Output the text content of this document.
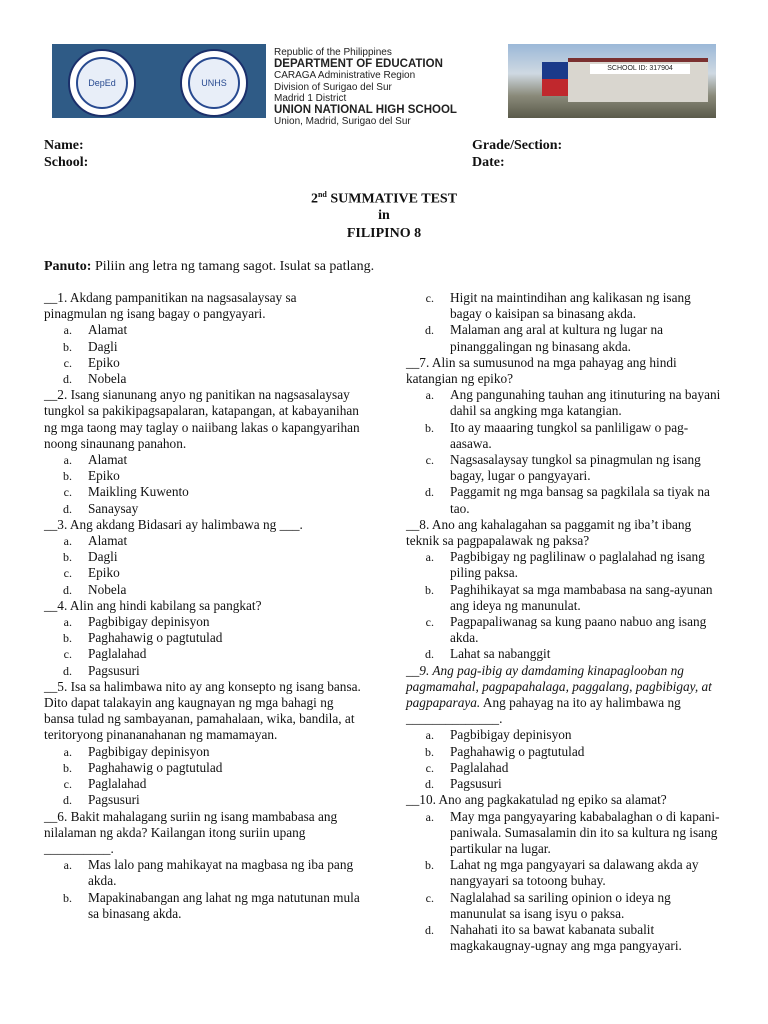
DepEd	UNHS
Republic of the Philippines
DEPARTMENT OF EDUCATION
CARAGA Administrative Region
Division of Surigao del Sur
Madrid 1 District
UNION NATIONAL HIGH SCHOOL
Union, Madrid, Surigao del Sur
SCHOOL ID: 317904
Name:
School:
Grade/Section:
Date:
2nd SUMMATIVE TEST
in
FILIPINO 8
Panuto: Piliin ang letra ng tamang sagot. Isulat sa patlang.

__1. Akdang pampanitikan na nagsasalaysay sa pinagmulan ng isang bagay o pangyayari.

a.	Alamat
b.	Dagli
c.	Epiko
d.	Nobela

__2. Isang sianunang anyo ng panitikan na nagsasalaysay tungkol sa pakikipagsapalaran, katapangan, at kabayanihan ng mga taong may taglay o naiibang lakas o kapangyarihan noong sinaunang panahon.

a.	Alamat
b.	Epiko
c.	Maikling Kuwento
d.	Sanaysay

__3. Ang akdang Bidasari ay halimbawa ng ___.

a.	Alamat
b.	Dagli
c.	Epiko
d.	Nobela

__4. Alin ang hindi kabilang sa pangkat?

a.	Pagbibigay depinisyon
b.	Paghahawig o pagtutulad
c.	Paglalahad
d.	Pagsusuri

__5. Isa sa halimbawa nito ay ang konsepto ng isang bansa. Dito dapat talakayin ang kaugnayan ng mga bahagi ng bansa tulad ng sambayanan, pamahalaan, wika, bandila, at teritoryong pinananahanan ng mamamayan.

a.	Pagbibigay depinisyon
b.	Paghahawig o pagtutulad
c.	Paglalahad
d.	Pagsusuri

__6. Bakit mahalagang suriin ng isang mambabasa ang nilalaman ng akda? Kailangan itong suriin upang __________.

a.	Mas lalo pang mahikayat na magbasa ng iba pang akda.
b.	Mapakinabangan ang lahat ng mga natutunan mula sa binasang akda.
c.	Higit na maintindihan ang kalikasan ng isang bagay o kaisipan sa binasang akda.
d.	Malaman ang aral at kultura ng lugar na pinanggalingan ng binasang akda.

__7. Alin sa sumusunod na mga pahayag ang hindi katangian ng epiko?

a.	Ang pangunahing tauhan ang itinuturing na bayani dahil sa angking mga katangian.
b.	Ito ay maaaring tungkol sa panliligaw o pag-aasawa.
c.	Nagsasalaysay tungkol sa pinagmulan ng isang bagay, lugar o pangyayari.
d.	Paggamit ng mga bansag sa pagkilala sa tiyak na tao.

__8. Ano ang kahalagahan sa paggamit ng iba’t ibang teknik sa pagpapalawak ng paksa?

a.	Pagbibigay ng paglilinaw o paglalahad ng isang piling paksa.
b.	Paghihikayat sa mga mambabasa na sang-ayunan ang ideya ng manunulat.
c.	Pagpapaliwanag sa kung paano nabuo ang isang akda.
d.	Lahat sa nabanggit

__9. Ang pag-ibig ay damdaming kinapaglooban ng pagmamahal, pagpapahalaga, paggalang, pagbibigay, at pagpaparaya. Ang pahayag na ito ay halimbawa ng ______________.

a.	Pagbibigay depinisyon
b.	Paghahawig o pagtutulad
c.	Paglalahad
d.	Pagsusuri

__10. Ano ang pagkakatulad ng epiko sa alamat?

a.	May mga pangyayaring kababalaghan o di kapani-paniwala. Sumasalamin din ito sa kultura ng isang partikular na lugar.
b.	Lahat ng mga pangyayari sa dalawang akda ay nangyayari sa totoong buhay.
c.	Naglalahad sa sariling opinion o ideya ng manunulat sa isang isyu o paksa.
d.	Nahahati ito sa bawat kabanata subalit magkakaugnay-ugnay ang mga pangyayari.
